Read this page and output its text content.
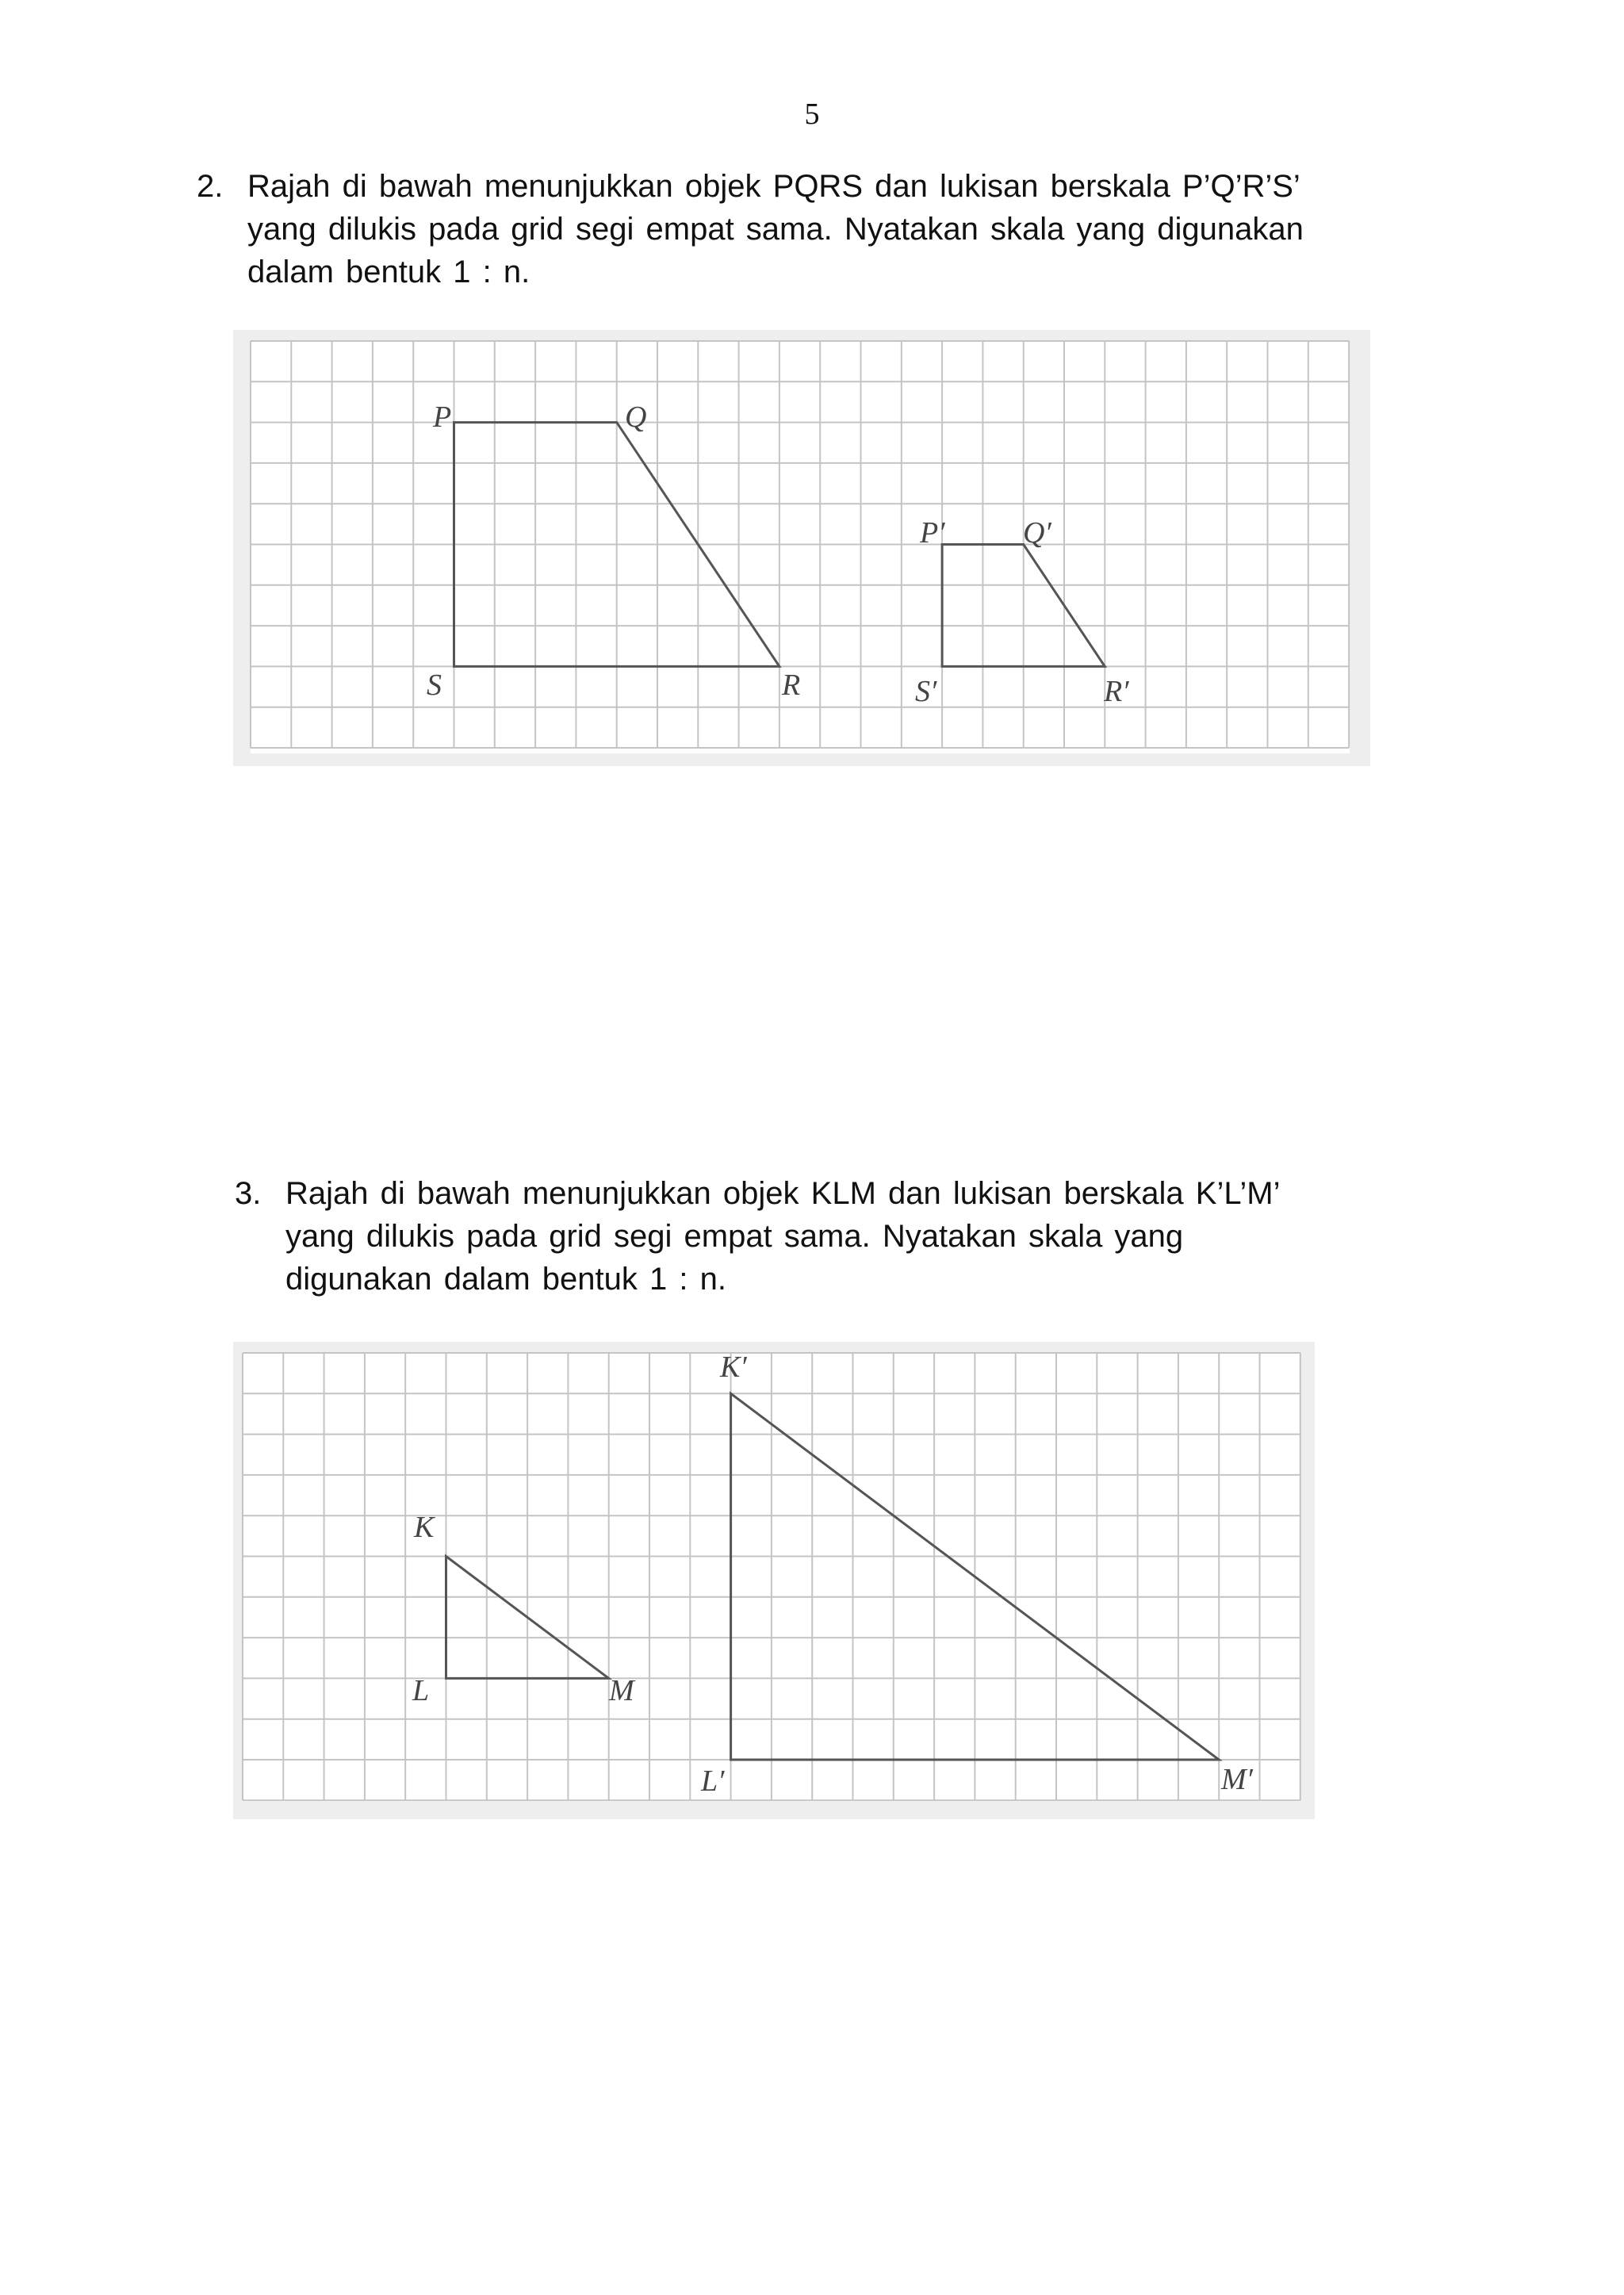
5
2. Rajah di bawah menunjukkan objek PQRS dan lukisan berskala P’Q’R’S’
yang dilukis pada grid segi empat sama. Nyatakan skala yang digunakan
dalam bentuk 1 : n.
P	Q
R
S
P′	Q′
R′
S′
3. Rajah di bawah menunjukkan objek KLM dan lukisan berskala K’L’M’
yang dilukis pada grid segi empat sama. Nyatakan skala yang
digunakan dalam bentuk 1 : n.
K
L	M
K′
L′	M′
